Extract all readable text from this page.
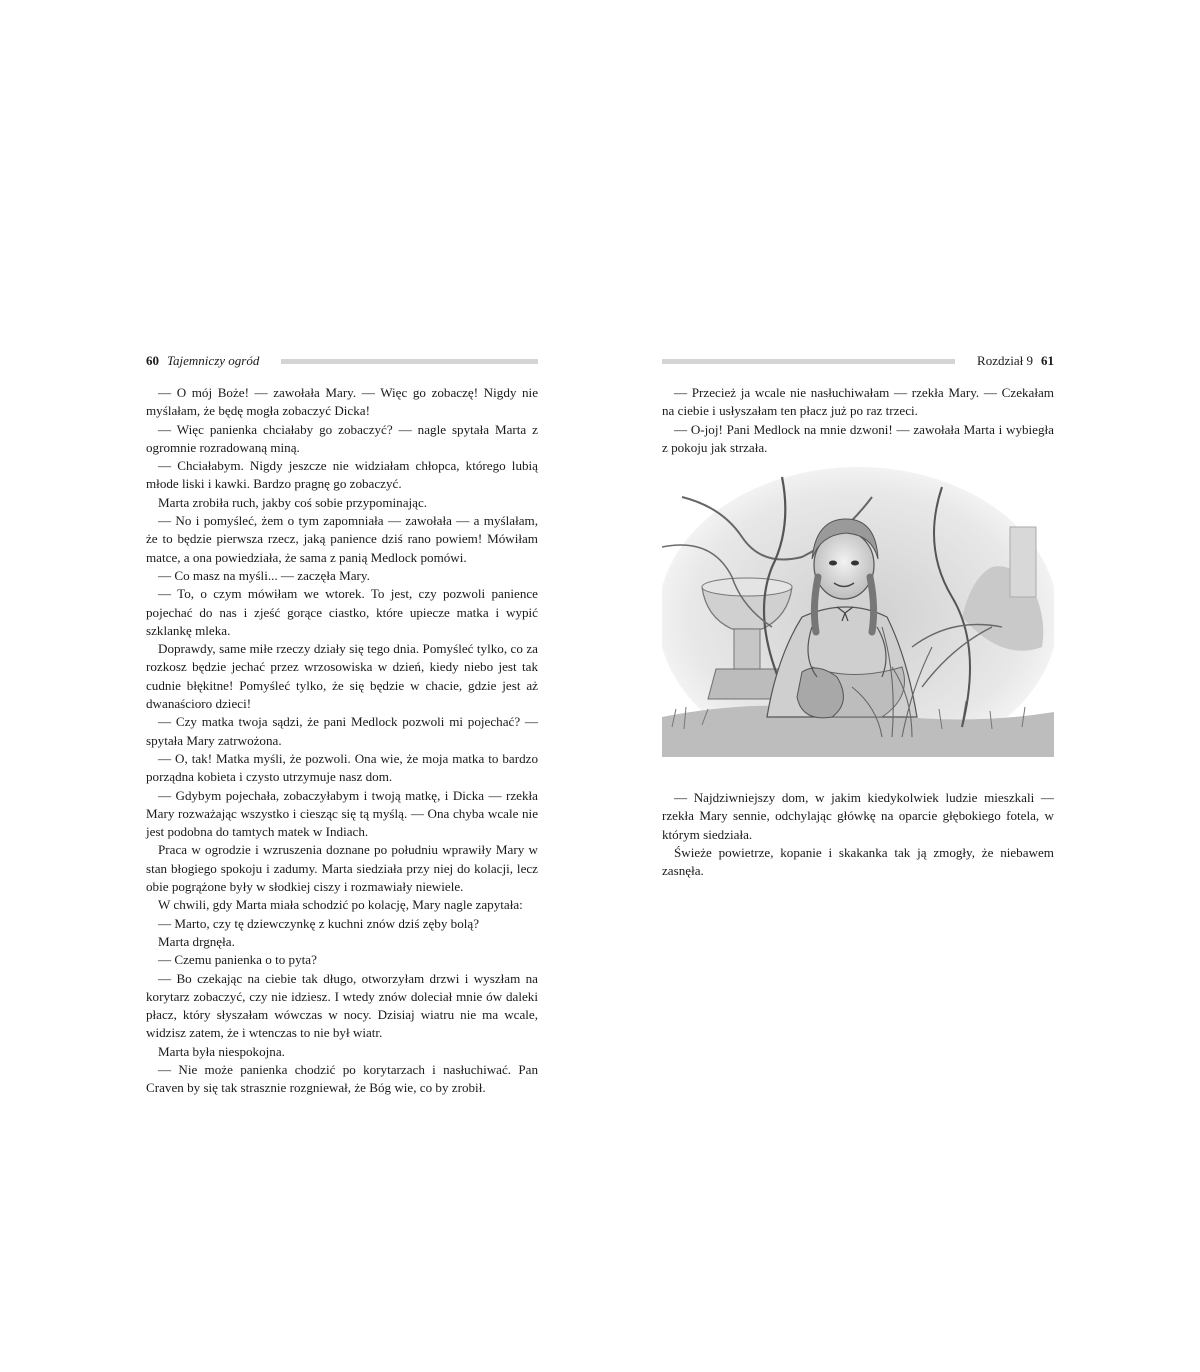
60 Tajemniczy ogród

— O mój Boże! — zawołała Mary. — Więc go zobaczę! Nigdy nie myślałam, że będę mogła zobaczyć Dicka!

— Więc panienka chciałaby go zobaczyć? — nagle spytała Marta z ogromnie rozradowaną miną.

— Chciałabym. Nigdy jeszcze nie widziałam chłopca, którego lubią młode liski i kawki. Bardzo pragnę go zobaczyć.

Marta zrobiła ruch, jakby coś sobie przypominając.

— No i pomyśleć, żem o tym zapomniała — zawołała — a myślałam, że to będzie pierwsza rzecz, jaką panience dziś rano powiem! Mówiłam matce, a ona powiedziała, że sama z panią Medlock pomówi.

— Co masz na myśli... — zaczęła Mary.

— To, o czym mówiłam we wtorek. To jest, czy pozwoli panience pojechać do nas i zjeść gorące ciastko, które upiecze matka i wypić szklankę mleka.

Doprawdy, same miłe rzeczy działy się tego dnia. Pomyśleć tylko, co za rozkosz będzie jechać przez wrzosowiska w dzień, kiedy niebo jest tak cudnie błękitne! Pomyśleć tylko, że się będzie w chacie, gdzie jest aż dwanaścioro dzieci!

— Czy matka twoja sądzi, że pani Medlock pozwoli mi pojechać? — spytała Mary zatrwożona.

— O, tak! Matka myśli, że pozwoli. Ona wie, że moja matka to bardzo porządna kobieta i czysto utrzymuje nasz dom.

— Gdybym pojechała, zobaczyłabym i twoją matkę, i Dicka — rzekła Mary rozważając wszystko i ciesząc się tą myślą. — Ona chyba wcale nie jest podobna do tamtych matek w Indiach.

Praca w ogrodzie i wzruszenia doznane po południu wprawiły Mary w stan błogiego spokoju i zadumy. Marta siedziała przy niej do kolacji, lecz obie pogrążone były w słodkiej ciszy i rozmawiały niewiele.

W chwili, gdy Marta miała schodzić po kolację, Mary nagle zapytała:

— Marto, czy tę dziewczynkę z kuchni znów dziś zęby bolą?

Marta drgnęła.

— Czemu panienka o to pyta?

— Bo czekając na ciebie tak długo, otworzyłam drzwi i wyszłam na korytarz zobaczyć, czy nie idziesz. I wtedy znów doleciał mnie ów daleki płacz, który słyszałam wówczas w nocy. Dzisiaj wiatru nie ma wcale, widzisz zatem, że i wtenczas to nie był wiatr.

Marta była niespokojna.

— Nie może panienka chodzić po korytarzach i nasłuchiwać. Pan Craven by się tak strasznie rozgniewał, że Bóg wie, co by zrobił.

Rozdział 9 61

— Przecież ja wcale nie nasłuchiwałam — rzekła Mary. — Czekałam na ciebie i usłyszałam ten płacz już po raz trzeci.

— O-joj! Pani Medlock na mnie dzwoni! — zawołała Marta i wybiegła z pokoju jak strzała.

— Najdziwniejszy dom, w jakim kiedykolwiek ludzie mieszkali — rzekła Mary sennie, odchylając główkę na oparcie głębokiego fotela, w którym siedziała.

Świeże powietrze, kopanie i skakanka tak ją zmogły, że niebawem zasnęła.
